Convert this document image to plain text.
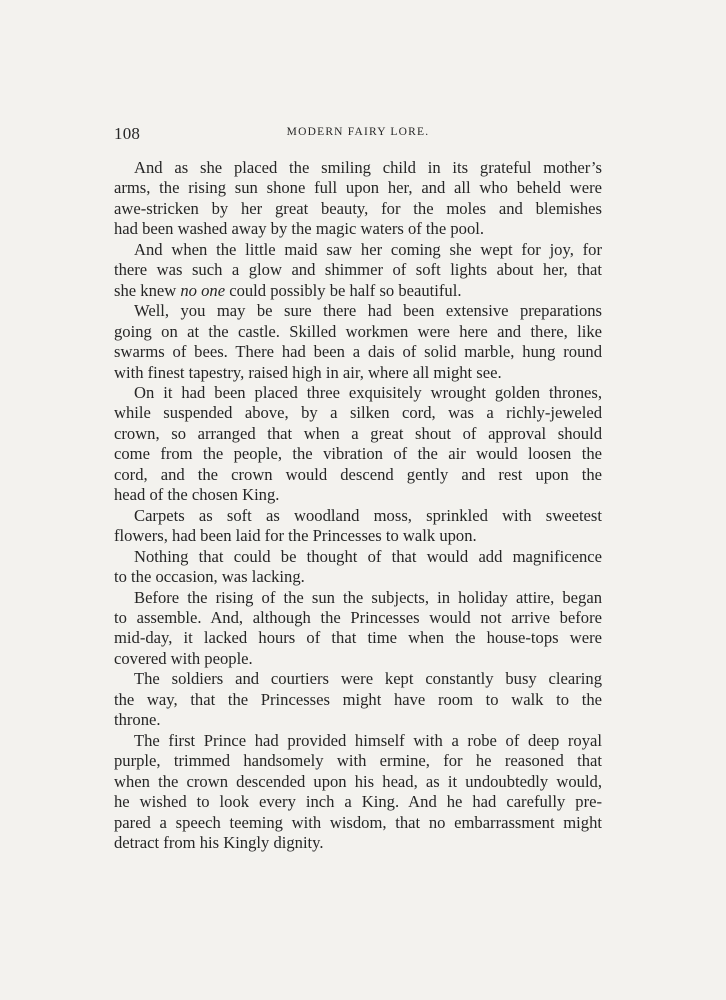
108	MODERN FAIRY LORE.

And as she placed the smiling child in its grateful mother’s
arms, the rising sun shone full upon her, and all who beheld were
awe-stricken by her great beauty, for the moles and blemishes
had been washed away by the magic waters of the pool.

And when the little maid saw her coming she wept for joy, for
there was such a glow and shimmer of soft lights about her, that
she knew no one could possibly be half so beautiful.

Well, you may be sure there had been extensive preparations
going on at the castle. Skilled workmen were here and there, like
swarms of bees. There had been a dais of solid marble, hung round
with finest tapestry, raised high in air, where all might see.

On it had been placed three exquisitely wrought golden thrones,
while suspended above, by a silken cord, was a richly-jeweled
crown, so arranged that when a great shout of approval should
come from the people, the vibration of the air would loosen the
cord, and the crown would descend gently and rest upon the
head of the chosen King.

Carpets as soft as woodland moss, sprinkled with sweetest
flowers, had been laid for the Princesses to walk upon.

Nothing that could be thought of that would add magnificence
to the occasion, was lacking.

Before the rising of the sun the subjects, in holiday attire, began
to assemble. And, although the Princesses would not arrive before
mid-day, it lacked hours of that time when the house-tops were
covered with people.

The soldiers and courtiers were kept constantly busy clearing
the way, that the Princesses might have room to walk to the
throne.

The first Prince had provided himself with a robe of deep royal
purple, trimmed handsomely with ermine, for he reasoned that
when the crown descended upon his head, as it undoubtedly would,
he wished to look every inch a King. And he had carefully pre-
pared a speech teeming with wisdom, that no embarrassment might
detract from his Kingly dignity.
